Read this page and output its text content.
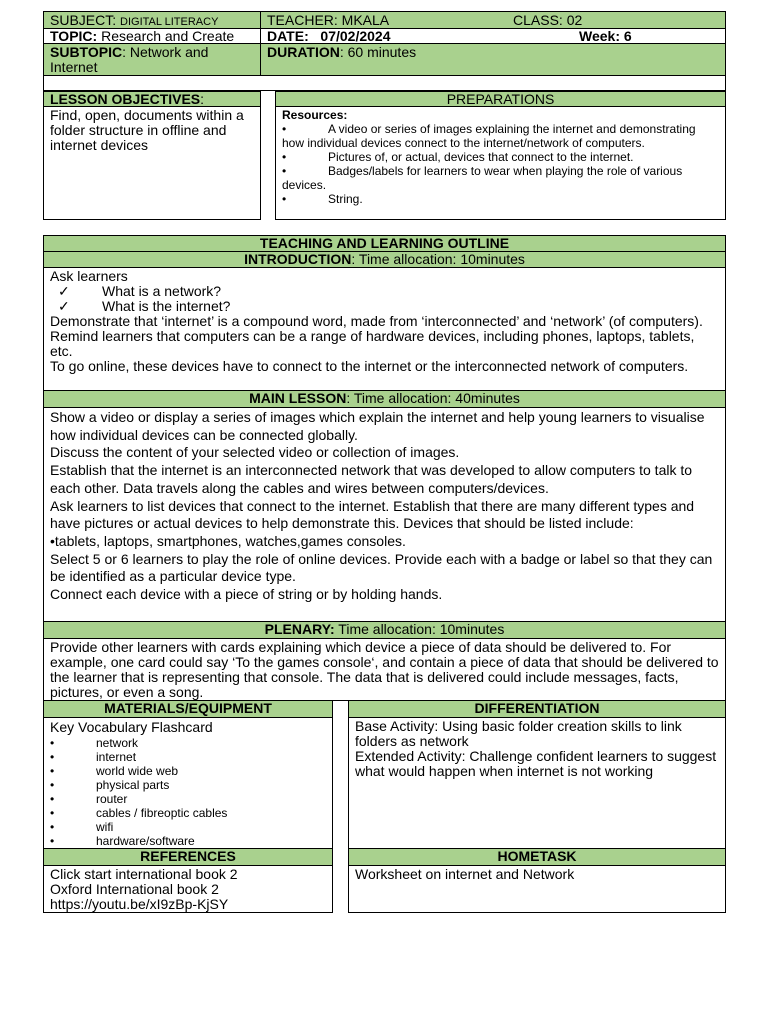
SUBJECT: DIGITAL LITERACY	TEACHER: MKALA	CLASS: 02
TOPIC: Research and Create	DATE: 07/02/2024	Week: 6
SUBTOPIC: Network and Internet
DURATION: 60 minutes
LESSON OBJECTIVES:
Find, open, documents within a folder structure in offline and internet devices
PREPARATIONS

Resources:

•	A video or series of images explaining the internet and demonstrating how individual devices connect to the internet/network of computers.
•	Pictures of, or actual, devices that connect to the internet.
•	Badges/labels for learners to wear when playing the role of various devices.
•	String.
TEACHING AND LEARNING OUTLINE
INTRODUCTION: Time allocation: 10minutes

Ask learners

✓ What is a network?
✓ What is the internet?

Demonstrate that ‘internet’ is a compound word, made from ‘interconnected’ and ‘network’ (of computers). Remind learners that computers can be a range of hardware devices, including phones, laptops, tablets, etc.

To go online, these devices have to connect to the internet or the interconnected network of computers.

MAIN LESSON: Time allocation: 40minutes

Show a video or display a series of images which explain the internet and help young learners to visualise how individual devices can be connected globally.

Discuss the content of your selected video or collection of images.

Establish that the internet is an interconnected network that was developed to allow computers to talk to each other. Data travels along the cables and wires between computers/devices.

Ask learners to list devices that connect to the internet. Establish that there are many different types and have pictures or actual devices to help demonstrate this. Devices that should be listed include:

•tablets, laptops, smartphones, watches,games consoles.

Select 5 or 6 learners to play the role of online devices. Provide each with a badge or label so that they can be identified as a particular device type.

Connect each device with a piece of string or by holding hands.

PLENARY: Time allocation: 10minutes
Provide other learners with cards explaining which device a piece of data should be delivered to. For example, one card could say ‘To the games console‘, and contain a piece of data that should be delivered to the learner that is representing that console. The data that is delivered could include messages, facts, pictures, or even a song.
MATERIALS/EQUIPMENT

Key Vocabulary Flashcard

•	network
•	internet
•	world wide web
•	physical parts
•	router
•	cables / fibreoptic cables
•	wifi
•	hardware/software
DIFFERENTIATION

Base Activity: Using basic folder creation skills to link folders as network

Extended Activity: Challenge confident learners to suggest what would happen when internet is not working

REFERENCES

Click start international book 2

Oxford International book 2

https://youtu.be/xI9zBp-KjSY

HOMETASK
Worksheet on internet and Network
